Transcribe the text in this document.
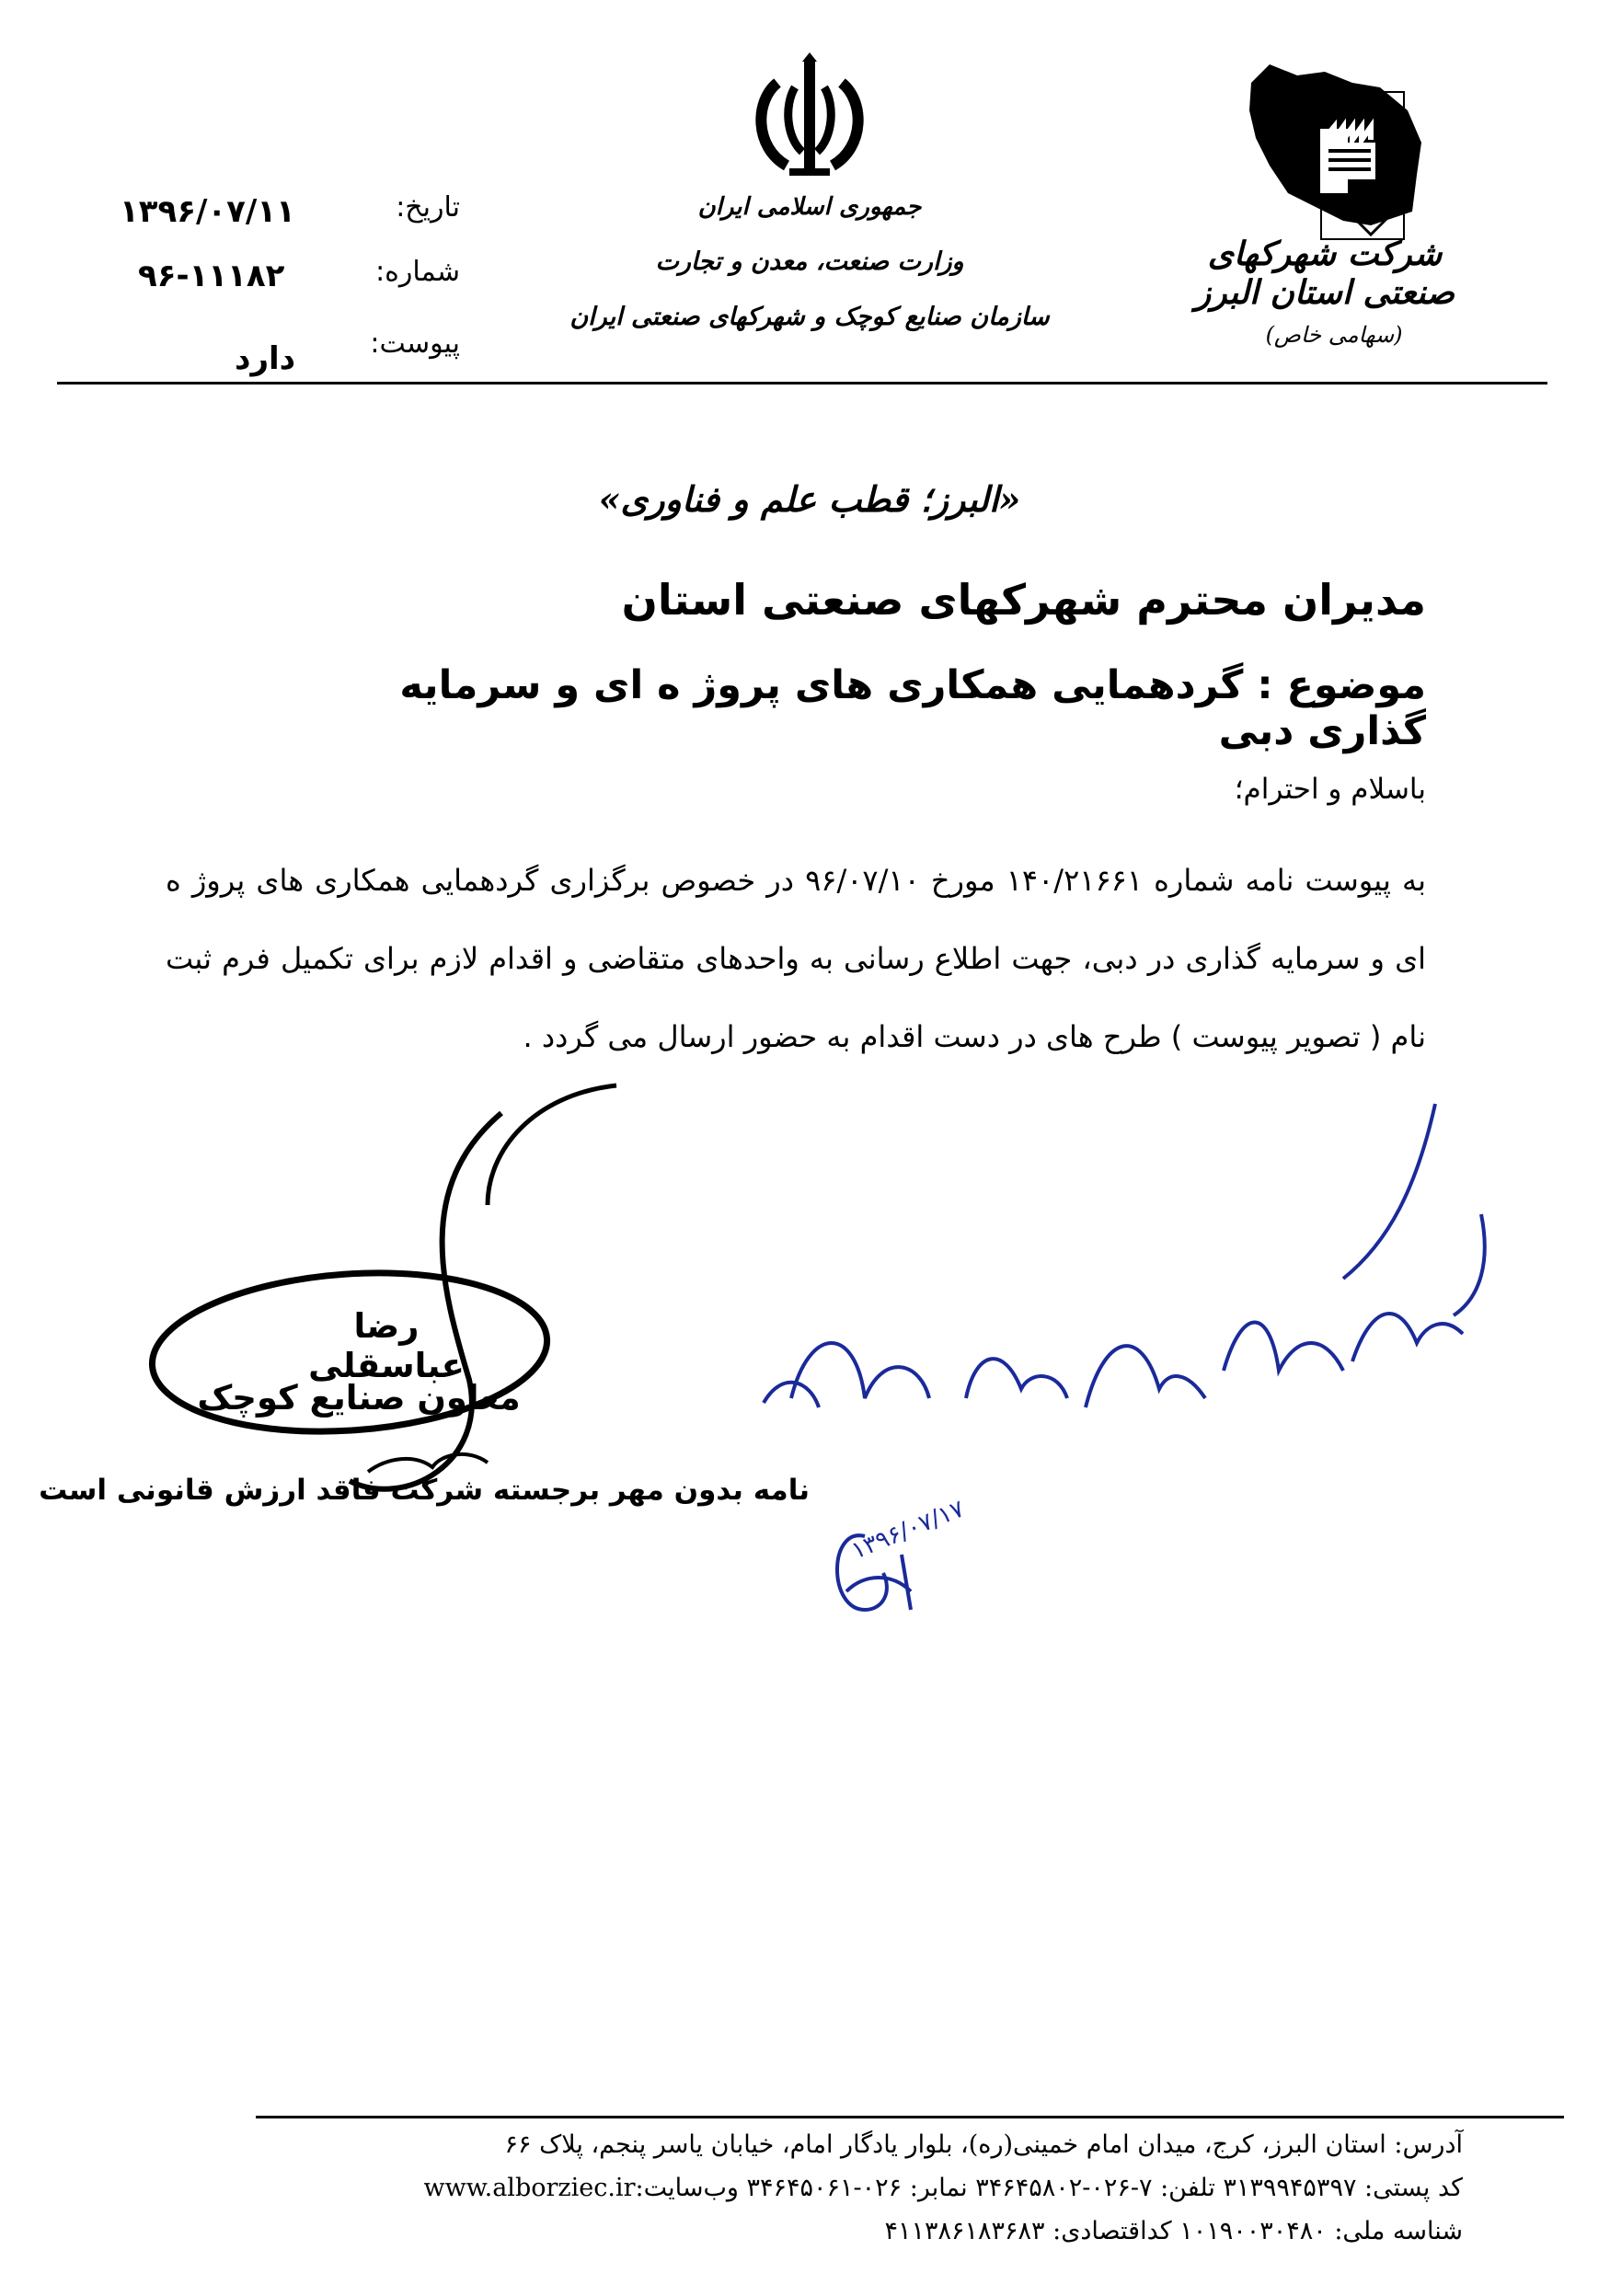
شرکت شهرکهای صنعتی استان البرز
(سهامی خاص)
جمهوری اسلامی ایران
وزارت صنعت، معدن و تجارت
سازمان صنایع کوچک و شهرکهای صنعتی ایران
تاریخ:
شماره:
پیوست:
۱۳۹۶/۰۷/۱۱
۹۶-۱۱۱۸۲
دارد
«البرز؛ قطب علم و فناوری»
مدیران محترم شهرکهای صنعتی استان
موضوع : گردهمایی همکاری های پروژ ه ای و سرمایه گذاری دبی
باسلام و احترام؛
به پیوست نامه شماره ۱۴۰/۲۱۶۶۱ مورخ ۹۶/۰۷/۱۰ در خصوص برگزاری گردهمایی همکاری های پروژ ه ای و سرمایه گذاری در دبی، جهت اطلاع رسانی به واحدهای متقاضی و اقدام لازم برای تکمیل فرم ثبت نام ( تصویر پیوست ) طرح های در دست اقدام به حضور ارسال می گردد .
رضا عباسقلی
معاون صنایع کوچک
نامه بدون مهر برجسته شرکت فاقد ارزش قانونی است
۱۳۹۶/۰۷/۱۷
آدرس: استان البرز، کرج، میدان امام خمینی(ره)، بلوار یادگار امام، خیابان یاسر پنجم، پلاک ۶۶
کد پستی: ۳۱۳۹۹۴۵۳۹۷ تلفن: ۷-۰۲۶-۳۴۶۴۵۸۰۲ نمابر: ۰۲۶-۳۴۶۴۵۰۶۱ وب‌سایت:www.alborziec.ir
شناسه ملی: ۱۰۱۹۰۰۳۰۴۸۰ کداقتصادی: ۴۱۱۳۸۶۱۸۳۶۸۳
